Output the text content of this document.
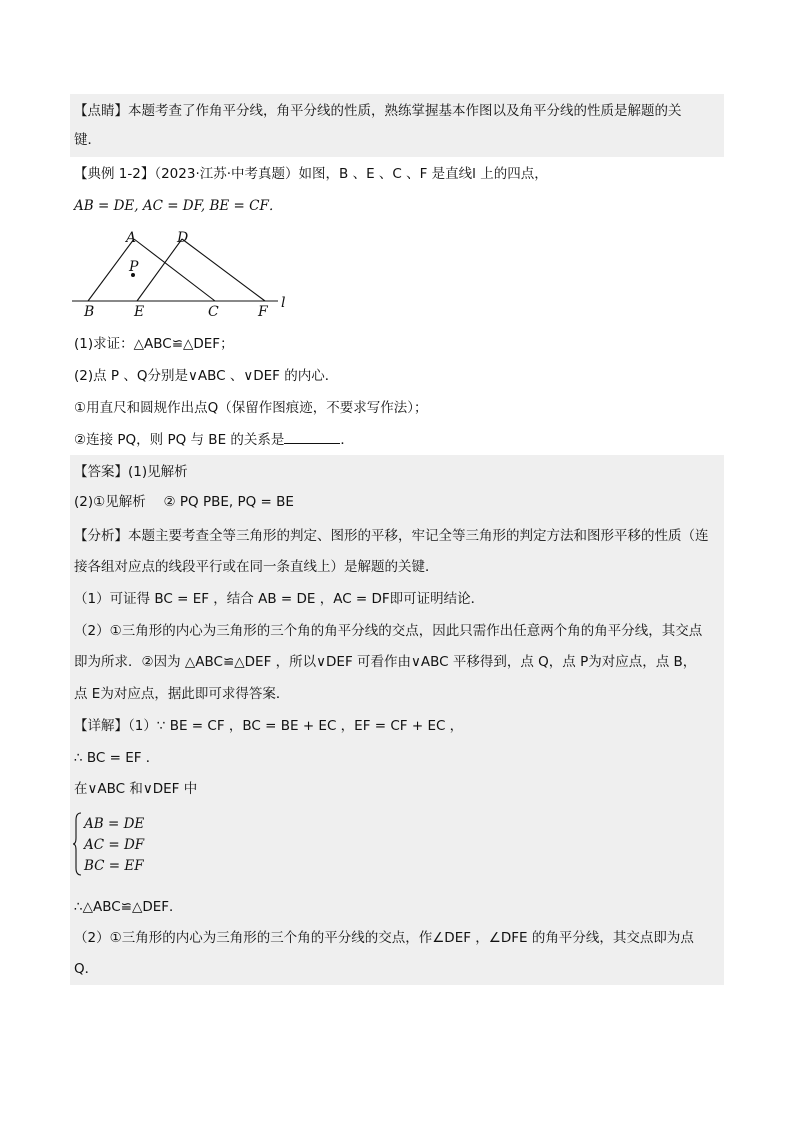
【点睛】本题考查了作角平分线，角平分线的性质，熟练掌握基本作图以及角平分线的性质是解题的关
键．
【典例 1-2】（2023·江苏·中考真题）如图，B 、E 、C 、F 是直线l 上的四点，
AB = DE, AC = DF, BE = CF．
A	D
P
B	E	C	F
l
(1)求证：△ABC≌△DEF；
(2)点 P 、Q分别是∨ABC 、∨DEF 的内心．
①用直尺和圆规作出点Q（保留作图痕迹，不要求写作法）；
②连接 PQ，则 PQ 与 BE 的关系是	．
【答案】(1)见解析
(2)①见解析　 ② PQ PBE, PQ = BE
【分析】本题主要考查全等三角形的判定、图形的平移，牢记全等三角形的判定方法和图形平移的性质（连
接各组对应点的线段平行或在同一条直线上）是解题的关键．
（1）可证得 BC = EF ，结合 AB = DE ，AC = DF即可证明结论．
（2）①三角形的内心为三角形的三个角的角平分线的交点，因此只需作出任意两个角的角平分线，其交点
即为所求．②因为 △ABC≌△DEF ，所以∨DEF 可看作由∨ABC 平移得到，点 Q，点 P为对应点，点 B，
点 E为对应点，据此即可求得答案．
【详解】（1）∵ BE = CF ，BC = BE + EC ，EF = CF + EC ，
∴ BC = EF ．
在∨ABC 和∨DEF 中
AB = DE
AC = DF
BC = EF
∴△ABC≌△DEF．
（2）①三角形的内心为三角形的三个角的平分线的交点，作∠DEF ，∠DFE 的角平分线，其交点即为点
Q．
